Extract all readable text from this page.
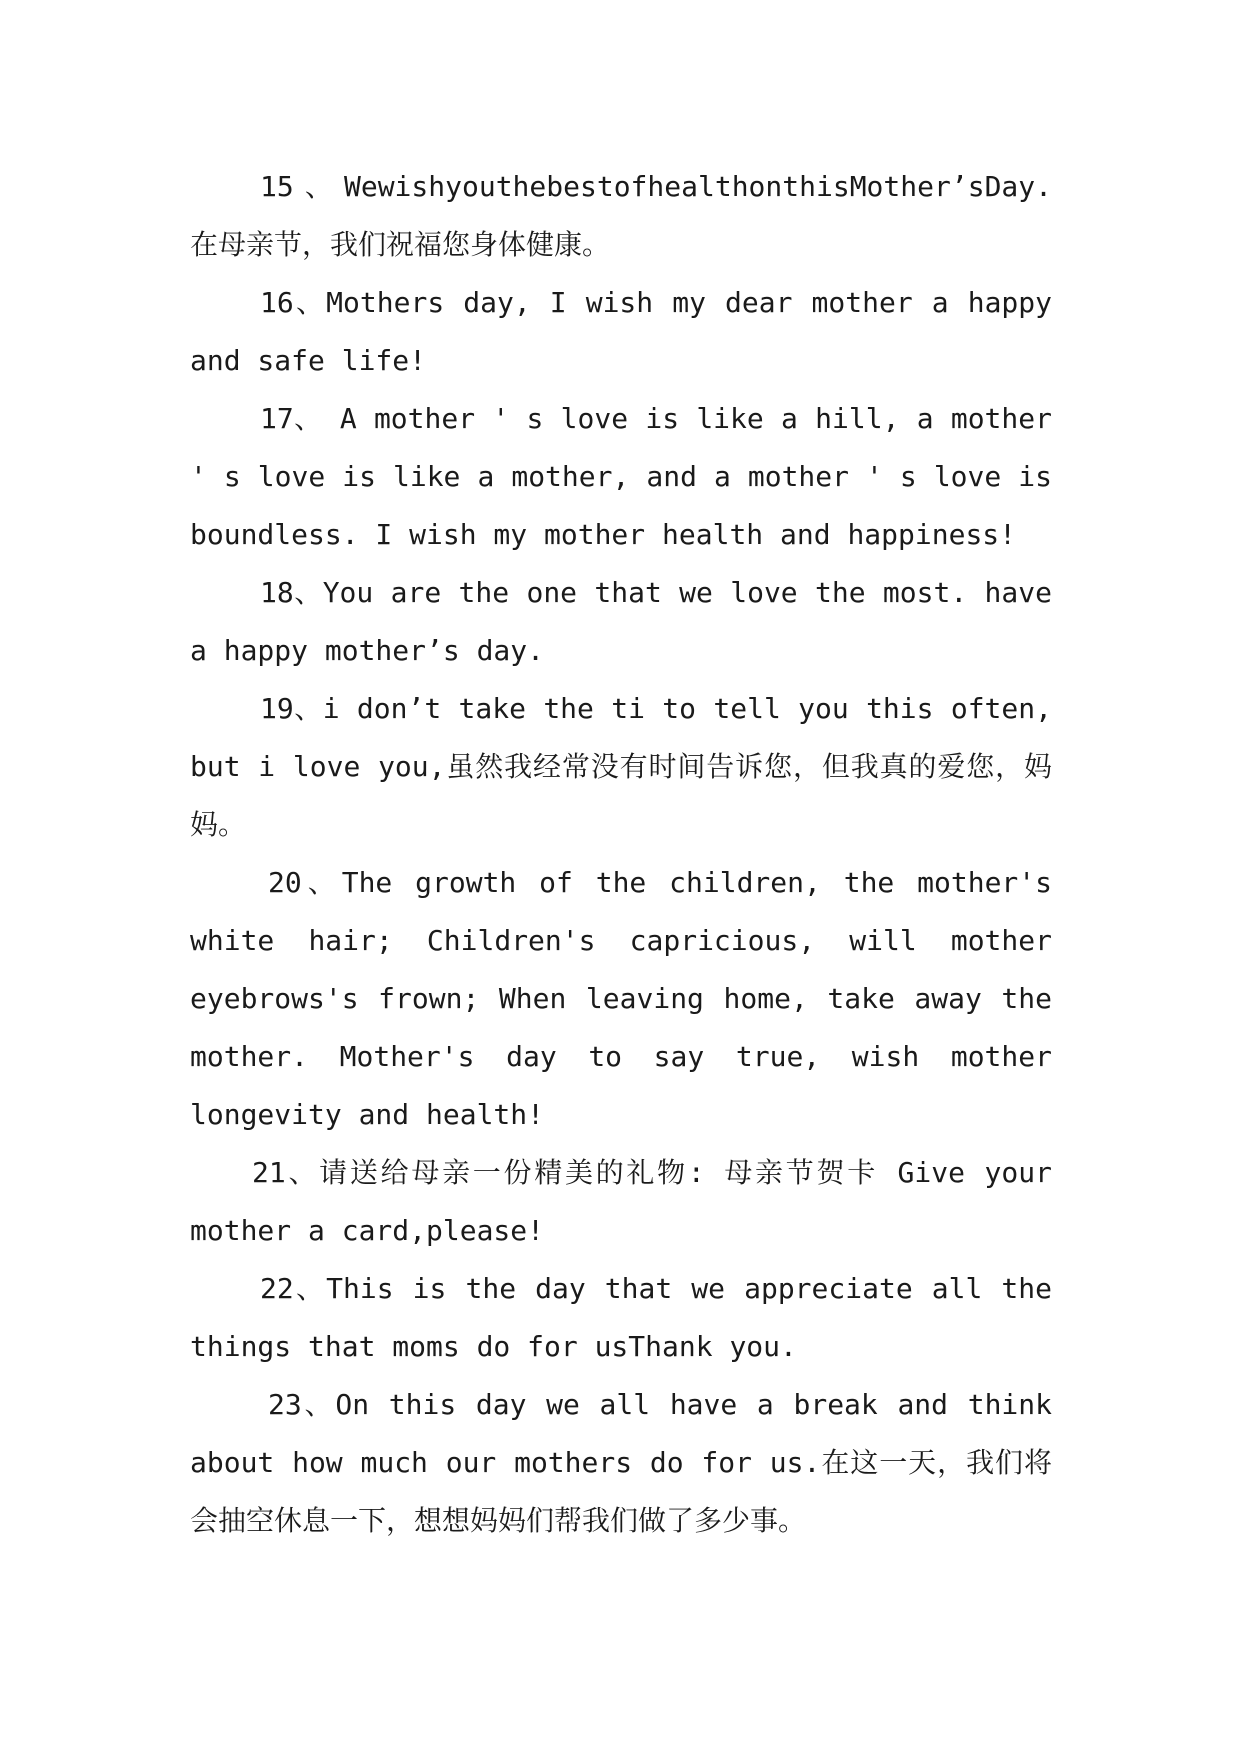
15、WewishyouthebestofhealthonthisMother’sDay. 在母亲节，我们祝福您身体健康。

16、Mothers day, I wish my dear mother a happy and safe life!

17、 A mother ' s love is like a hill, a mother ' s love is like a mother, and a mother ' s love is boundless. I wish my mother health and happiness!

18、You are the one that we love the most. have a happy mother’s day.

19、i don’t take the ti to tell you this often, but i love you,虽然我经常没有时间告诉您，但我真的爱您，妈妈。

20、The growth of the children, the mother's white hair; Children's capricious, will mother eyebrows's frown; When leaving home, take away the mother. Mother's day to say true, wish mother longevity and health!

21、请送给母亲一份精美的礼物: 母亲节贺卡 Give your mother a card,please!

22、This is the day that we appreciate all the things that moms do for usThank you.

23、On this day we all have a break and think about how much our mothers do for us.在这一天，我们将会抽空休息一下，想想妈妈们帮我们做了多少事。
